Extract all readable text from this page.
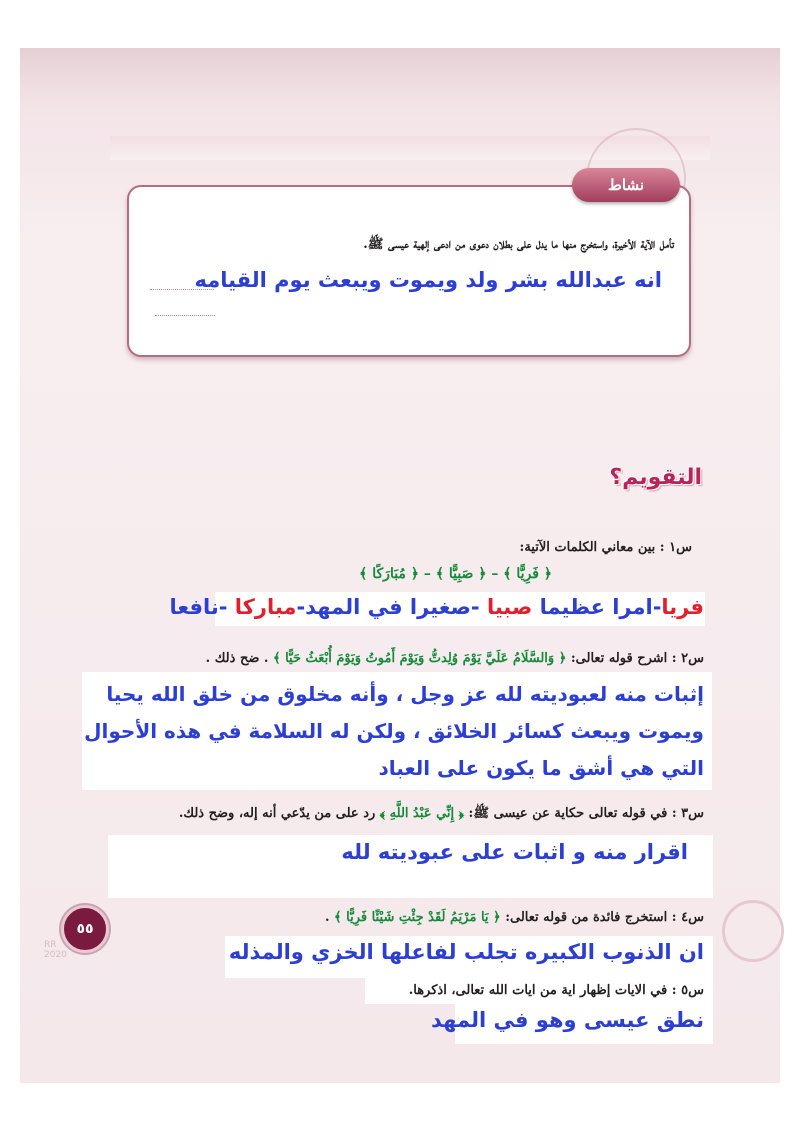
نشاط
تأمل الآية الأخيرة، واستخرج منها ما يدل على بطلان دعوى من ادعى إلهية عيسى ﷺ.
انه عبدالله بشر ولد ويموت ويبعث يوم القيامه
التقويم؟
س١ : بين معاني الكلمات الآتية:
﴿ فَرِيًّا ﴾ – ﴿ صَبِيًّا ﴾ – ﴿ مُبَارَكًا ﴾
فريا-امرا عظيما صبيا -صغيرا في المهد-مباركا -نافعا
س٢ : اشرح قوله تعالى: ﴿ وَالسَّلَامُ عَلَيَّ يَوْمَ وُلِدتُّ وَيَوْمَ أَمُوتُ وَيَوْمَ أُبْعَثُ حَيًّا ﴾ . ضح ذلك .
إثبات منه لعبوديته لله عز وجل ، وأنه مخلوق من خلق الله يحيا
ويموت ويبعث كسائر الخلائق ، ولكن له السلامة في هذه الأحوال
التي هي أشق ما يكون على العباد
س٣ : في قوله تعالى حكاية عن عيسى ﷺ: ﴿ إِنِّي عَبْدُ اللَّهِ ﴾ رد على من يدّعي أنه إله، وضح ذلك.
اقرار منه و اثبات على عبوديته لله
٥٥
RR
2020
س٤ : استخرج فائدة من قوله تعالى: ﴿ يَا مَرْيَمُ لَقَدْ جِئْتِ شَيْئًا فَرِيًّا ﴾ .
ان الذنوب الكبيره تجلب لفاعلها الخزي والمذله
س٥ : في الايات إظهار اية من ايات الله تعالى، اذكرها.
نطق عيسى وهو في المهد
